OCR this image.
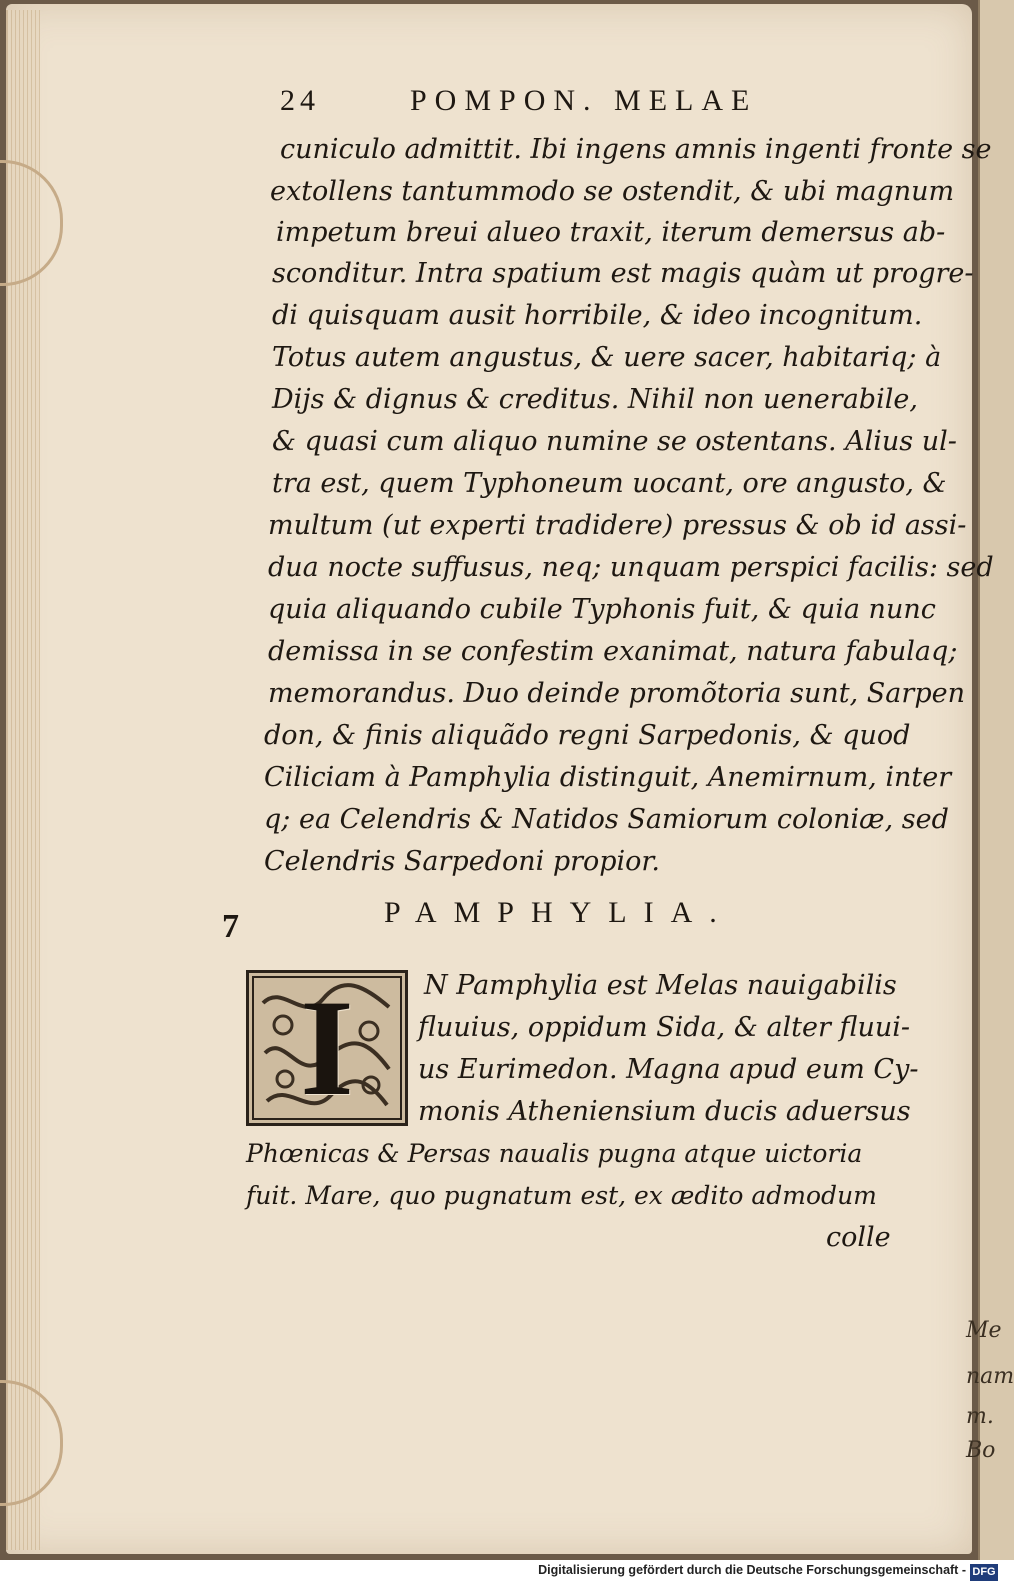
Me
nam
m.
Bo
24	POMPON. MELAE
cuniculo admittit. Ibi ingens amnis ingenti fronte se
extollens tantummodo se ostendit, & ubi magnum
impetum breui alueo traxit, iterum demersus ab-
sconditur. Intra spatium est magis quàm ut progre-
di quisquam ausit horribile, & ideo incognitum.
Totus autem angustus, & uere sacer, habitariq; à
Dijs & dignus & creditus. Nihil non uenerabile,
& quasi cum aliquo numine se ostentans. Alius ul-
tra est, quem Typhoneum uocant, ore angusto, &
multum (ut experti tradidere) pressus & ob id assi-
dua nocte suffusus, neq; unquam perspici facilis: sed
quia aliquando cubile Typhonis fuit, & quia nunc
demissa in se confestim exanimat, natura fabulaq;
memorandus. Duo deinde promõtoria sunt, Sarpen
don, & finis aliquãdo regni Sarpedonis, & quod
Ciliciam à Pamphylia distinguit, Anemirnum, inter
q; ea Celendris & Natidos Samiorum coloniæ, sed
Celendris Sarpedoni propior.
7	PAMPHYLIA.
I	N Pamphylia est Melas nauigabilis
fluuius, oppidum Sida, & alter fluui-
us Eurimedon. Magna apud eum Cy-
monis Atheniensium ducis aduersus
Phœnicas & Persas naualis pugna atque uictoria
fuit. Mare, quo pugnatum est, ex ædito admodum
colle
Digitalisierung gefördert durch die Deutsche Forschungsgemeinschaft - DFG
